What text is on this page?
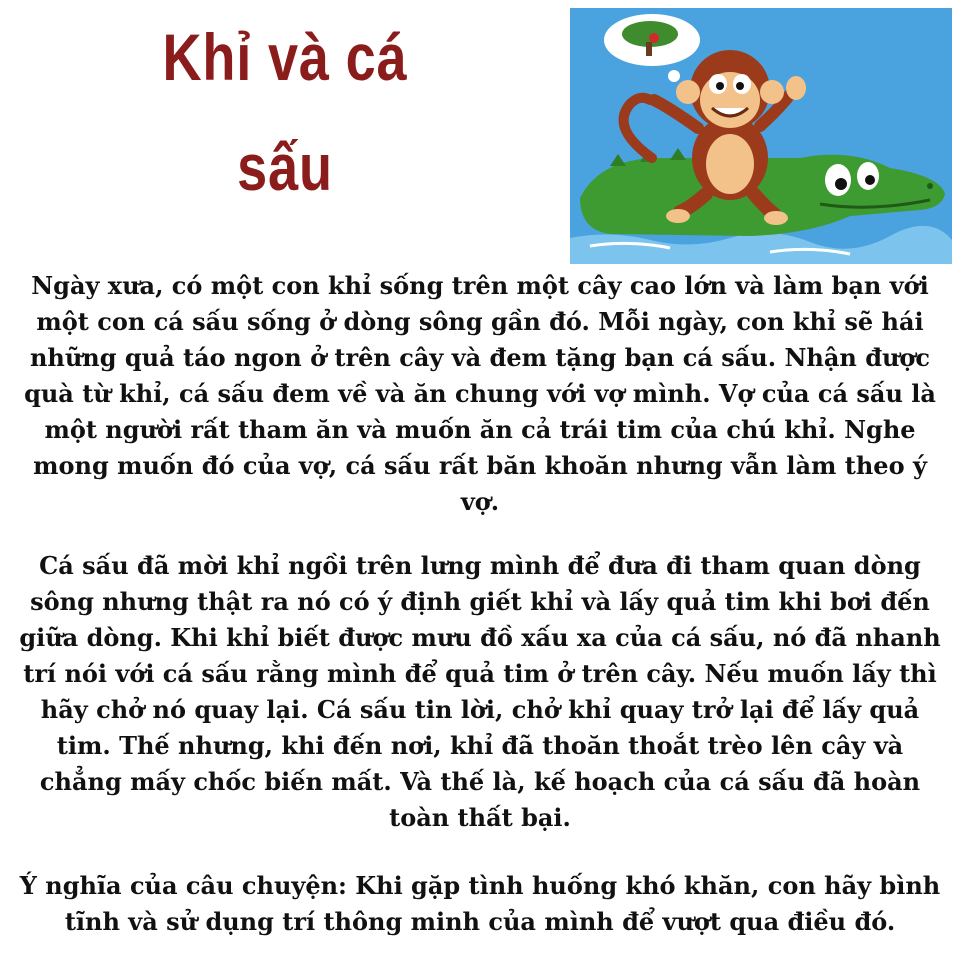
Khỉ và cá
sấu
Ngày xưa, có một con khỉ sống trên một cây cao lớn và làm bạn với
một con cá sấu sống ở dòng sông gần đó. Mỗi ngày, con khỉ sẽ hái
những quả táo ngon ở trên cây và đem tặng bạn cá sấu. Nhận được
quà từ khỉ, cá sấu đem về và ăn chung với vợ mình. Vợ của cá sấu là
một người rất tham ăn và muốn ăn cả trái tim của chú khỉ. Nghe
mong muốn đó của vợ, cá sấu rất băn khoăn nhưng vẫn làm theo ý
vợ.
Cá sấu đã mời khỉ ngồi trên lưng mình để đưa đi tham quan dòng
sông nhưng thật ra nó có ý định giết khỉ và lấy quả tim khi bơi đến
giữa dòng. Khi khỉ biết được mưu đồ xấu xa của cá sấu, nó đã nhanh
trí nói với cá sấu rằng mình để quả tim ở trên cây. Nếu muốn lấy thì
hãy chở nó quay lại. Cá sấu tin lời, chở khỉ quay trở lại để lấy quả
tim. Thế nhưng, khi đến nơi, khỉ đã thoăn thoắt trèo lên cây và
chẳng mấy chốc biến mất. Và thế là, kế hoạch của cá sấu đã hoàn
toàn thất bại.
Ý nghĩa của câu chuyện: Khi gặp tình huống khó khăn, con hãy bình
tĩnh và sử dụng trí thông minh của mình để vượt qua điều đó.
